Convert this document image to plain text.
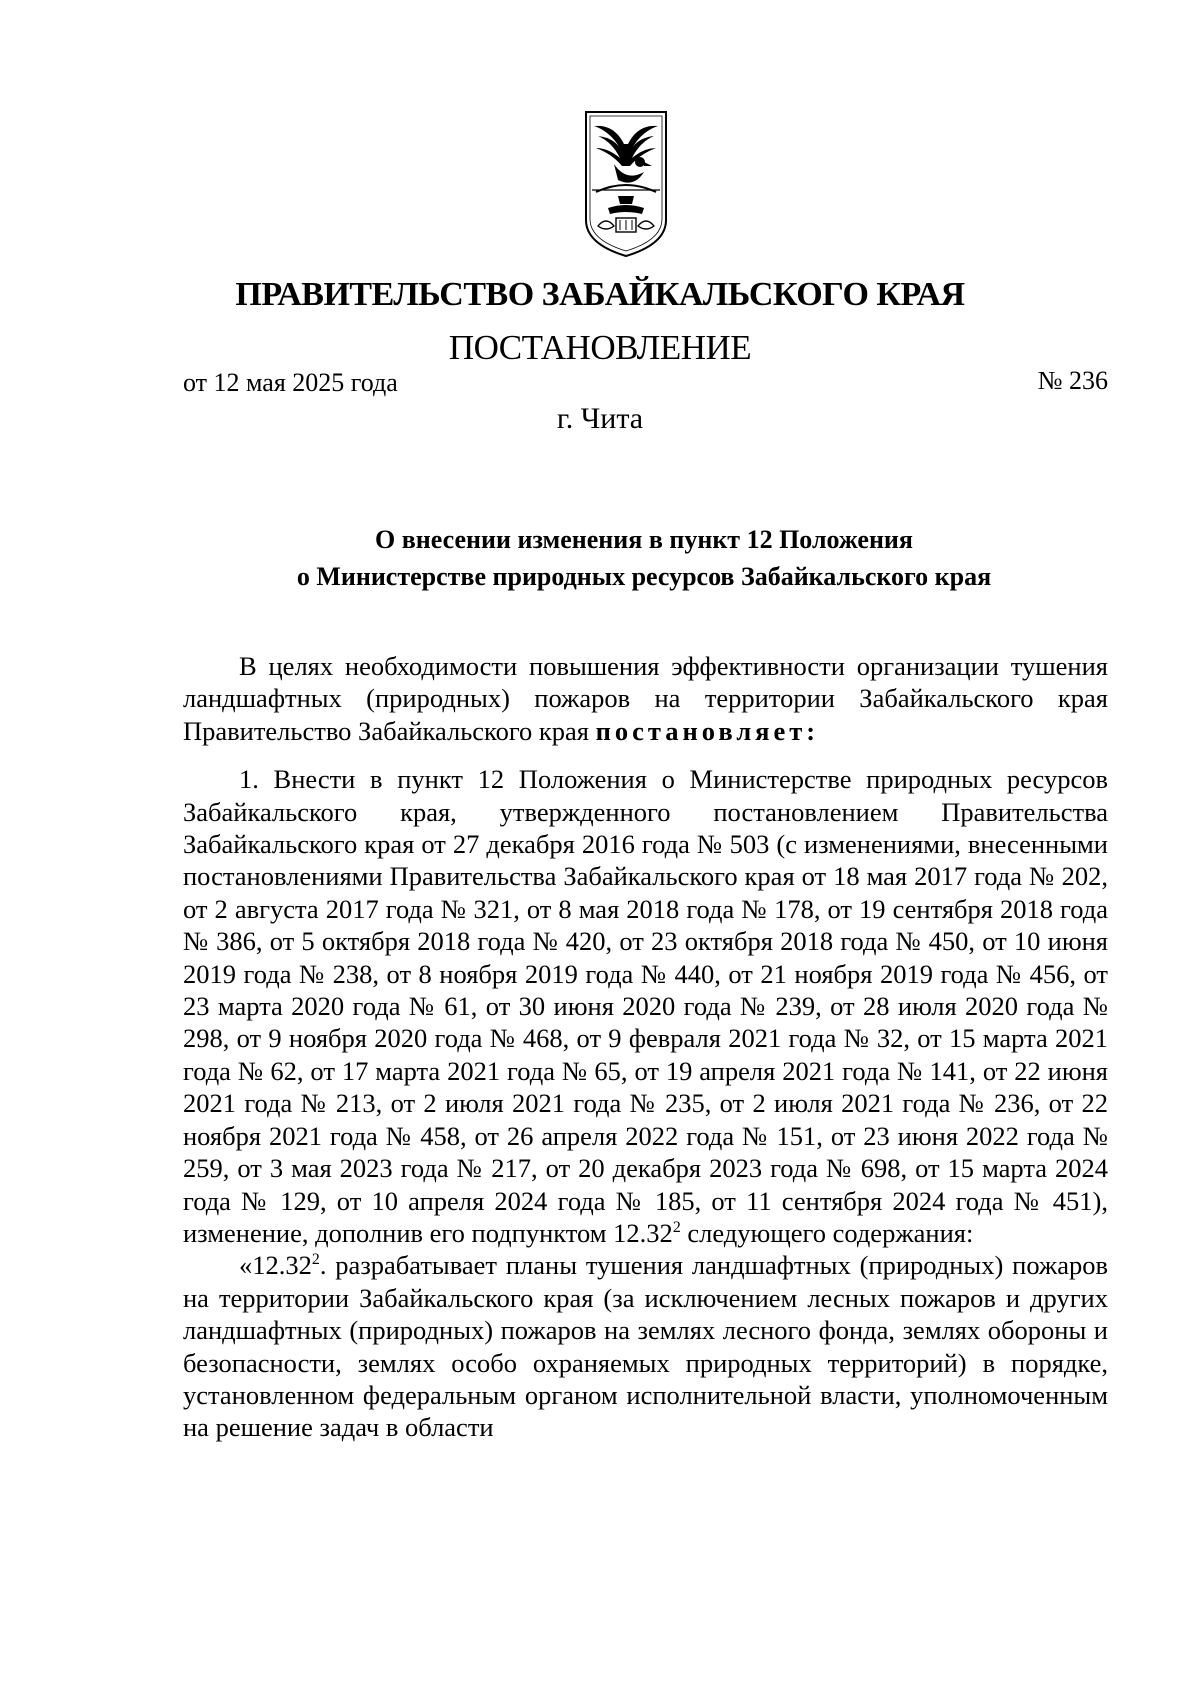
ПРАВИТЕЛЬСТВО ЗАБАЙКАЛЬСКОГО КРАЯ
ПОСТАНОВЛЕНИЕ
от 12 мая 2025 года	№ 236
г. Чита
О внесении изменения в пункт 12 Положения
о Министерстве природных ресурсов Забайкальского края

В целях необходимости повышения эффективности организации тушения ландшафтных (природных) пожаров на территории Забайкальского края Правительство Забайкальского края постановляет:

1. Внести в пункт 12 Положения о Министерстве природных ресурсов Забайкальского края, утвержденного постановлением Правительства Забайкальского края от 27 декабря 2016 года № 503 (с изменениями, внесенными постановлениями Правительства Забайкальского края от 18 мая 2017 года № 202, от 2 августа 2017 года № 321, от 8 мая 2018 года № 178, от 19 сентября 2018 года № 386, от 5 октября 2018 года № 420, от 23 октября 2018 года № 450, от 10 июня 2019 года № 238, от 8 ноября 2019 года № 440, от 21 ноября 2019 года № 456, от 23 марта 2020 года № 61, от 30 июня 2020 года № 239, от 28 июля 2020 года № 298, от 9 ноября 2020 года № 468, от 9 февраля 2021 года № 32, от 15 марта 2021 года № 62, от 17 марта 2021 года № 65, от 19 апреля 2021 года № 141, от 22 июня 2021 года № 213, от 2 июля 2021 года № 235, от 2 июля 2021 года № 236, от 22 ноября 2021 года № 458, от 26 апреля 2022 года № 151, от 23 июня 2022 года № 259, от 3 мая 2023 года № 217, от 20 декабря 2023 года № 698, от 15 марта 2024 года № 129, от 10 апреля 2024 года № 185, от 11 сентября 2024 года № 451), изменение, дополнив его подпунктом 12.32$^2$ следующего содержания:

«12.32$^2$. разрабатывает планы тушения ландшафтных (природных) пожаров на территории Забайкальского края (за исключением лесных пожаров и других ландшафтных (природных) пожаров на землях лесного фонда, землях обороны и безопасности, землях особо охраняемых природных территорий) в порядке, установленном федеральным органом исполнительной власти, уполномоченным на решение задач в области
